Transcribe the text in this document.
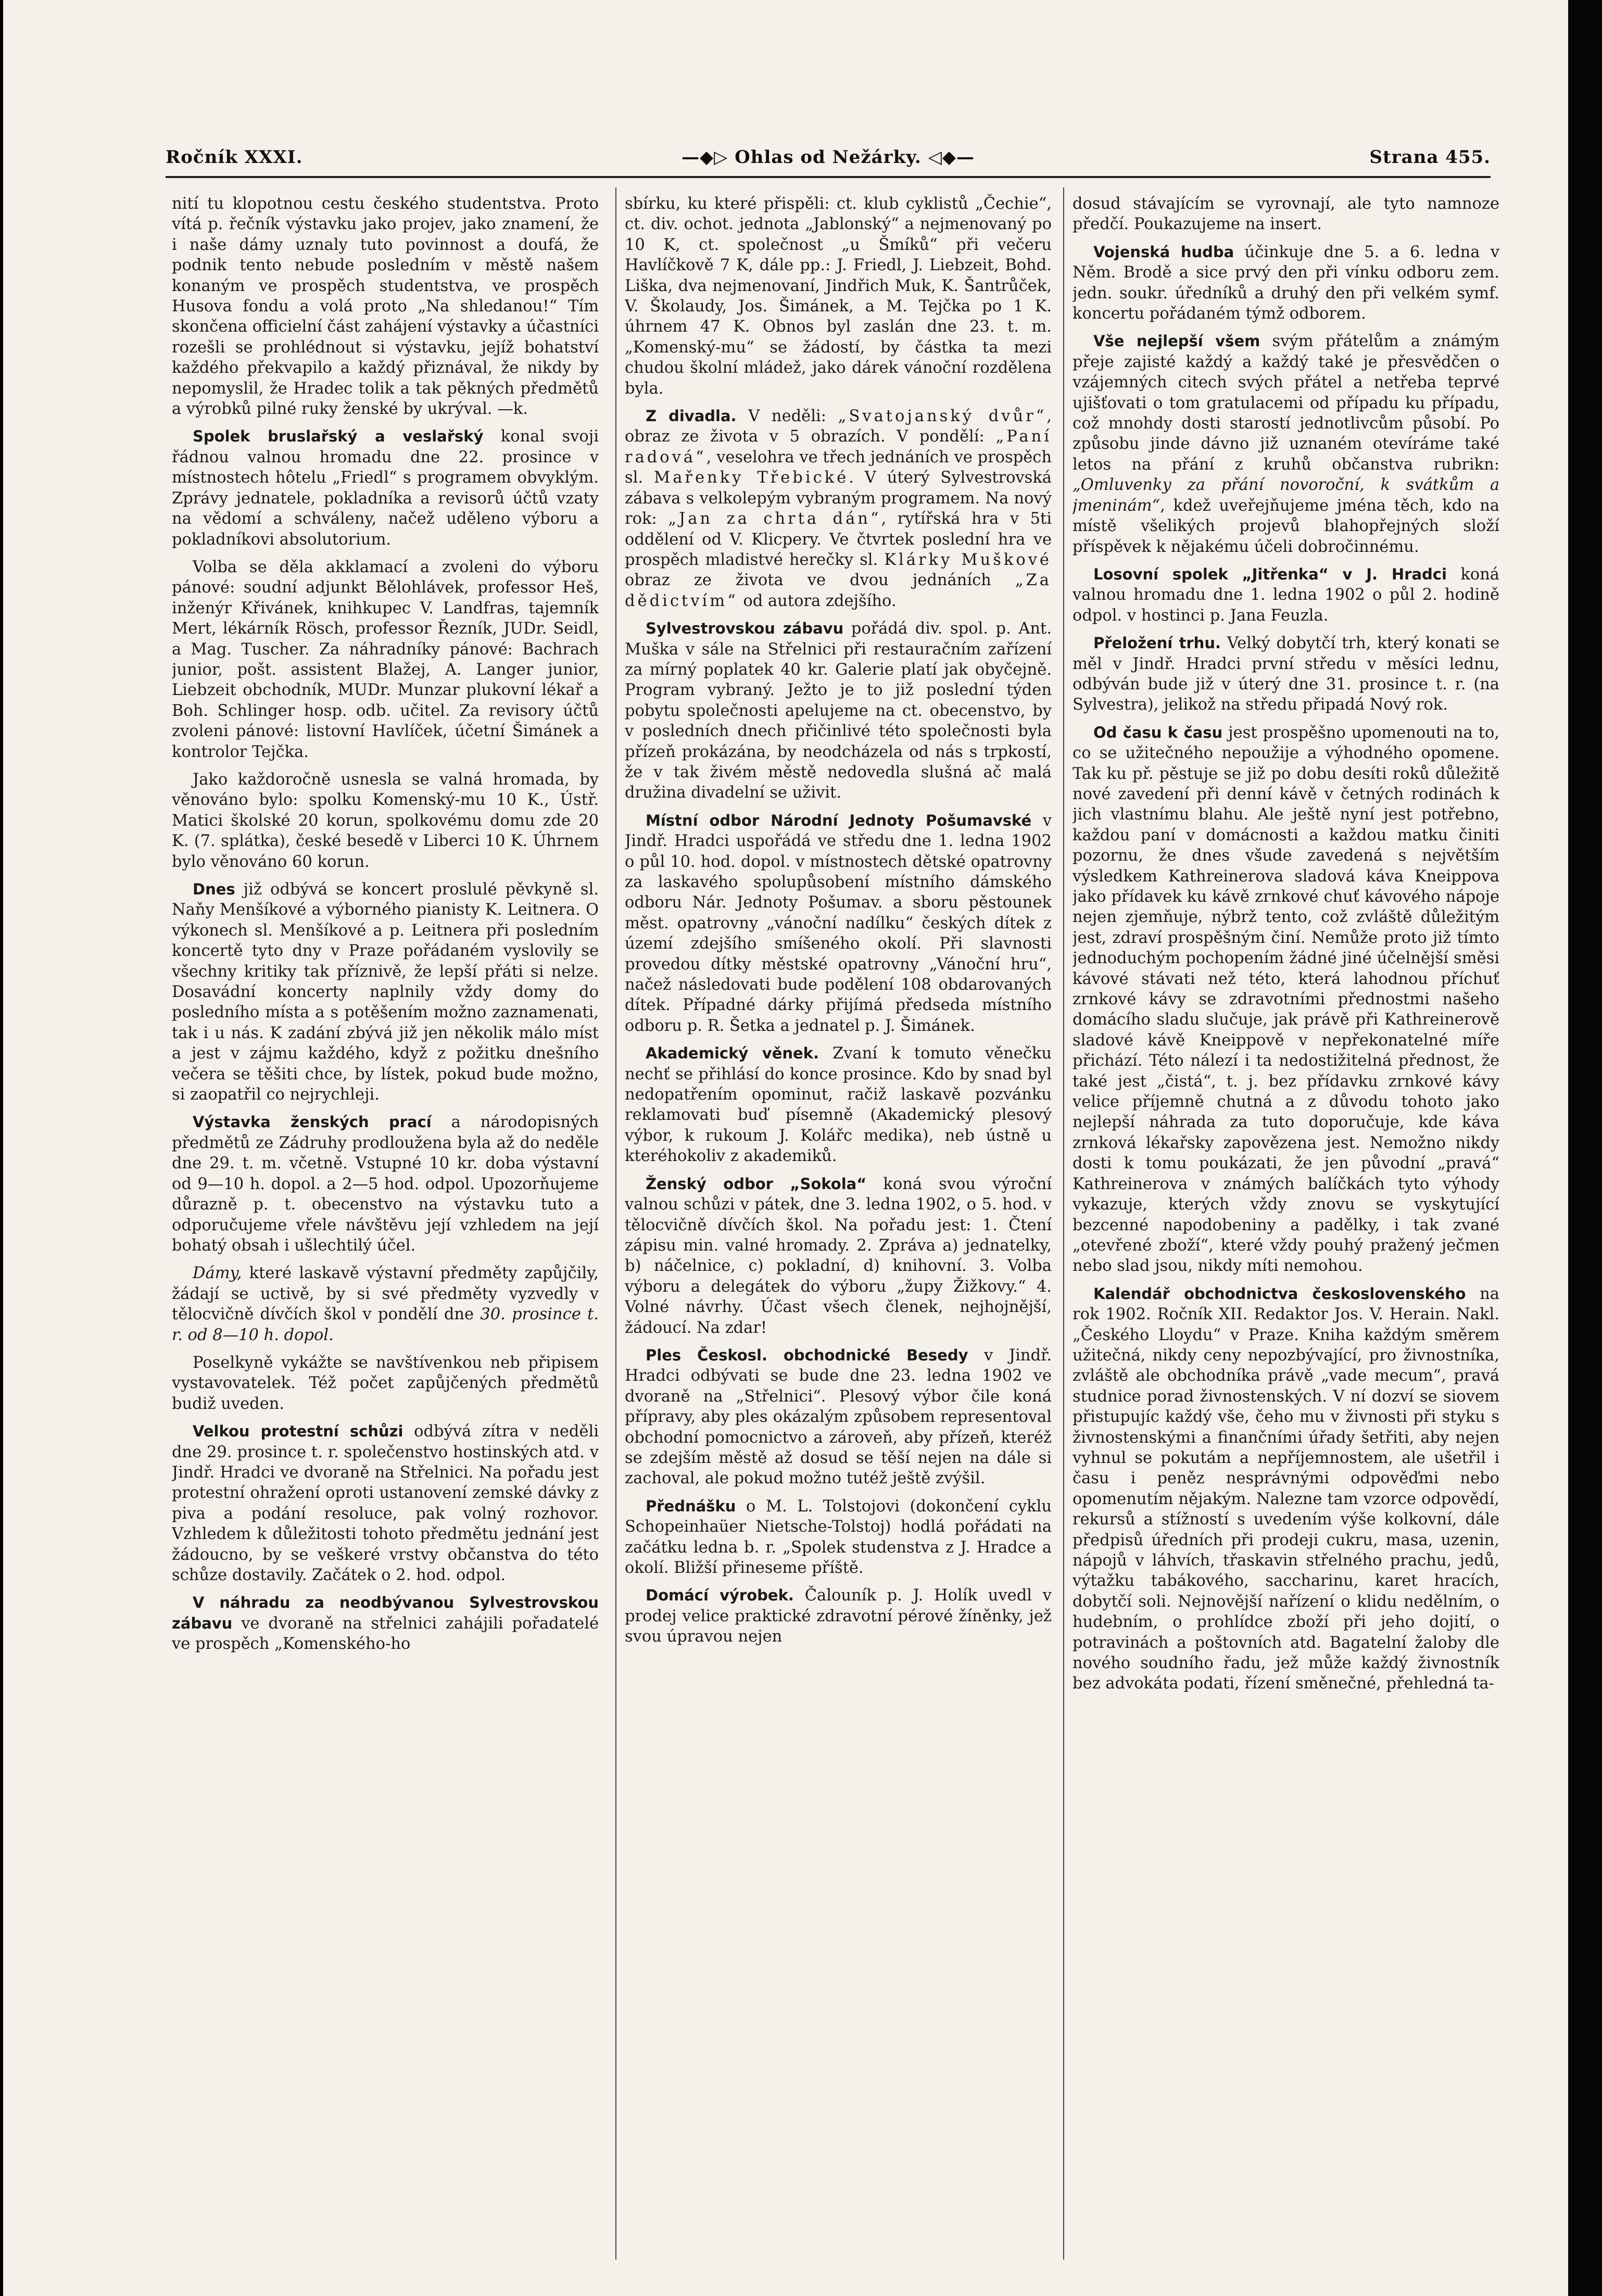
Ročník XXXI.	—◆▷ Ohlas od Nežárky. ◁◆—	Strana 455.

nití tu klopotnou cestu českého studentstva. Proto vítá p. řečník výstavku jako projev, jako znamení, že i naše dámy uznaly tuto povinnost a doufá, že podnik tento nebude posledním v městě našem konaným ve prospěch studentstva, ve prospěch Husova fondu a volá proto „Na shledanou!“ Tím skončena officielní část zahájení výstavky a účastníci rozešli se prohlédnout si výstavku, jejíž bohatství každého překvapilo a každý přiznával, že nikdy by nepomyslil, že Hradec tolik a tak pěkných předmětů a výrobků pilné ruky ženské by ukrýval. —k.

Spolek bruslařský a veslařský konal svoji řádnou valnou hromadu dne 22. prosince v místnostech hôtelu „Friedl“ s programem obvyklým. Zprávy jednatele, pokladníka a revisorů účtů vzaty na vědomí a schváleny, načež uděleno výboru a pokladníkovi absolutorium.

Volba se děla akklamací a zvoleni do výboru pánové: soudní adjunkt Bělohlávek, professor Heš, inženýr Křivánek, knihkupec V. Landfras, tajemník Mert, lékárník Rösch, professor Řezník, JUDr. Seidl, a Mag. Tuscher. Za náhradníky pánové: Bachrach junior, pošt. assistent Blažej, A. Langer junior, Liebzeit obchodník, MUDr. Munzar plukovní lékař a Boh. Schlinger hosp. odb. učitel. Za revisory účtů zvoleni pánové: listovní Havlíček, účetní Šimánek a kontrolor Tejčka.

Jako každoročně usnesla se valná hromada, by věnováno bylo: spolku Komenský-mu 10 K., Ústř. Matici školské 20 korun, spolkovému domu zde 20 K. (7. splátka), české besedě v Liberci 10 K. Úhrnem bylo věnováno 60 korun.

Dnes již odbývá se koncert proslulé pěvkyně sl. Naňy Menšíkové a výborného pianisty K. Leitnera. O výkonech sl. Menšíkové a p. Leitnera při posledním koncertě tyto dny v Praze pořádaném vyslovily se všechny kritiky tak příznivě, že lepší přáti si nelze. Dosavádní koncerty naplnily vždy domy do posledního místa a s potěšením možno zaznamenati, tak i u nás. K zadání zbývá již jen několik málo míst a jest v zájmu každého, když z požitku dnešního večera se těšiti chce, by lístek, pokud bude možno, si zaopatřil co nejrychleji.

Výstavka ženských prací a národopisných předmětů ze Zádruhy prodloužena byla až do neděle dne 29. t. m. včetně. Vstupné 10 kr. doba výstavní od 9—10 h. dopol. a 2—5 hod. odpol. Upozorňujeme důrazně p. t. obecenstvo na výstavku tuto a odporučujeme vřele návštěvu její vzhledem na její bohatý obsah i ušlechtilý účel.

Dámy, které laskavě výstavní předměty zapůjčily, žádají se uctivě, by si své předměty vyzvedly v tělocvičně dívčích škol v pondělí dne 30. prosince t. r. od 8—10 h. dopol.

Poselkyně vykážte se navštívenkou neb připisem vystavovatelek. Též počet zapůjčených předmětů budiž uveden.

Velkou protestní schůzi odbývá zítra v neděli dne 29. prosince t. r. společenstvo hostinských atd. v Jindř. Hradci ve dvoraně na Střelnici. Na pořadu jest protestní ohražení oproti ustanovení zemské dávky z piva a podání resoluce, pak volný rozhovor. Vzhledem k důležitosti tohoto předmětu jednání jest žádoucno, by se veškeré vrstvy občanstva do této schůze dostavily. Začátek o 2. hod. odpol.

V náhradu za neodbývanou Sylvestrovskou zábavu ve dvoraně na střelnici zahájili pořadatelé ve prospěch „Komenského-ho

sbírku, ku které přispěli: ct. klub cyklistů „Čechie“, ct. div. ochot. jednota „Jablonský“ a nejmenovaný po 10 K, ct. společnost „u Šmíků“ při večeru Havlíčkově 7 K, dále pp.: J. Friedl, J. Liebzeit, Bohd. Liška, dva nejmenovaní, Jindřich Muk, K. Šantrůček, V. Školaudy, Jos. Šimánek, a M. Tejčka po 1 K. úhrnem 47 K. Obnos byl zaslán dne 23. t. m. „Komenský-mu“ se žádostí, by částka ta mezi chudou školní mládež, jako dárek vánoční rozdělena byla.

Z divadla. V neděli: „Svatojanský dvůr“, obraz ze života v 5 obrazích. V pondělí: „Paní radová“, veselohra ve třech jednáních ve prospěch sl. Mařenky Třebické. V úterý Sylvestrovská zábava s velkolepým vybraným programem. Na nový rok: „Jan za chrta dán“, rytířská hra v 5ti oddělení od V. Klicpery. Ve čtvrtek poslední hra ve prospěch mladistvé herečky sl. Klárky Muškové obraz ze života ve dvou jednáních „Za dědictvím“ od autora zdejšího.

Sylvestrovskou zábavu pořádá div. spol. p. Ant. Muška v sále na Střelnici při restauračním zařízení za mírný poplatek 40 kr. Galerie platí jak obyčejně. Program vybraný. Ježto je to již poslední týden pobytu společnosti apelujeme na ct. obecenstvo, by v posledních dnech přičinlivé této společnosti byla přízeň prokázána, by neodcházela od nás s trpkostí, že v tak živém městě nedovedla slušná ač malá družina divadelní se uživit.

Místní odbor Národní Jednoty Pošumavské v Jindř. Hradci uspořádá ve středu dne 1. ledna 1902 o půl 10. hod. dopol. v místnostech dětské opatrovny za laskavého spolupůsobení místního dámského odboru Nár. Jednoty Pošumav. a sboru pěstounek měst. opatrovny „vánoční nadílku“ českých dítek z území zdejšího smíšeného okolí. Při slavnosti provedou dítky městské opatrovny „Vánoční hru“, načež následovati bude podělení 108 obdarovaných dítek. Případné dárky přijímá předseda místního odboru p. R. Šetka a jednatel p. J. Šimánek.

Akademický věnek. Zvaní k tomuto věnečku nechť se přihlásí do konce prosince. Kdo by snad byl nedopatřením opominut, račiž laskavě pozvánku reklamovati buď písemně (Akademický plesový výbor, k rukoum J. Kolářc medika), neb ústně u kteréhokoliv z akademiků.

Ženský odbor „Sokola“ koná svou výroční valnou schůzi v pátek, dne 3. ledna 1902, o 5. hod. v tělocvičně dívčích škol. Na pořadu jest: 1. Čtení zápisu min. valné hromady. 2. Zpráva a) jednatelky, b) náčelnice, c) pokladní, d) knihovní. 3. Volba výboru a delegátek do výboru „župy Žižkovy.“ 4. Volné návrhy. Účast všech členek, nejhojnější, žádoucí. Na zdar!

Ples Českosl. obchodnické Besedy v Jindř. Hradci odbývati se bude dne 23. ledna 1902 ve dvoraně na „Střelnici“. Plesový výbor čile koná přípravy, aby ples okázalým způsobem representoval obchodní pomocnictvo a zároveň, aby přízeň, kteréž se zdejším městě až dosud se těší nejen na dále si zachoval, ale pokud možno tutéž ještě zvýšil.

Přednášku o M. L. Tolstojovi (dokončení cyklu Schopeinhaüer Nietsche-Tolstoj) hodlá pořádati na začátku ledna b. r. „Spolek studenstva z J. Hradce a okolí. Bližší přineseme příště.

Domácí výrobek. Čalouník p. J. Holík uvedl v prodej velice praktické zdravotní pérové žíněnky, jež svou úpravou nejen

dosud stávajícím se vyrovnají, ale tyto namnoze předčí. Poukazujeme na insert.

Vojenská hudba účinkuje dne 5. a 6. ledna v Něm. Brodě a sice prvý den při vínku odboru zem. jedn. soukr. úředníků a druhý den při velkém symf. koncertu pořádaném týmž odborem.

Vše nejlepší všem svým přátelům a známým přeje zajisté každý a každý také je přesvědčen o vzájemných citech svých přátel a netřeba teprvé ujišťovati o tom gratulacemi od případu ku případu, což mnohdy dosti starostí jednotlivcům působí. Po způsobu jinde dávno již uznaném otevíráme také letos na přání z kruhů občanstva rubrikn: „Omluvenky za přání novoroční, k svátkům a jmeninám“, kdež uveřejňujeme jména těch, kdo na místě všelikých projevů blahopřejných složí příspěvek k nějakému účeli dobročinnému.

Losovní spolek „Jitřenka“ v J. Hradci koná valnou hromadu dne 1. ledna 1902 o půl 2. hodině odpol. v hostinci p. Jana Feuzla.

Přeložení trhu. Velký dobytčí trh, který konati se měl v Jindř. Hradci první středu v měsíci lednu, odbýván bude již v úterý dne 31. prosince t. r. (na Sylvestra), jelikož na středu připadá Nový rok.

Od času k času jest prospěšno upomenouti na to, co se užitečného nepoužije a výhodného opomene. Tak ku př. pěstuje se již po dobu desíti roků důležitě nové zavedení při denní kávě v četných rodinách k jich vlastnímu blahu. Ale ještě nyní jest potřebno, každou paní v domácnosti a každou matku činiti pozornu, že dnes všude zavedená s největším výsledkem Kathreinerova sladová káva Kneippova jako přídavek ku kávě zrnkové chuť kávového nápoje nejen zjemňuje, nýbrž tento, což zvláště důležitým jest, zdraví prospěšným činí. Nemůže proto již tímto jednoduchým pochopením žádné jiné účelnější směsi kávové stávati než této, která lahodnou příchuť zrnkové kávy se zdravotními přednostmi našeho domácího sladu slučuje, jak právě při Kathreinerově sladové kávě Kneippově v nepřekonatelné míře přichází. Této nálezí i ta nedostižitelná přednost, že také jest „čistá“, t. j. bez přídavku zrnkové kávy velice příjemně chutná a z důvodu tohoto jako nejlepší náhrada za tuto doporučuje, kde káva zrnková lékařsky zapovězena jest. Nemožno nikdy dosti k tomu poukázati, že jen původní „pravá“ Kathreinerova v známých balíčkách tyto výhody vykazuje, kterých vždy znovu se vyskytující bezcenné napodobeniny a padělky, i tak zvané „otevřené zboží“, které vždy pouhý pražený ječmen nebo slad jsou, nikdy míti nemohou.

Kalendář obchodnictva československého na rok 1902. Ročník XII. Redaktor Jos. V. Herain. Nakl. „Českého Lloydu“ v Praze. Kniha každým směrem užitečná, nikdy ceny nepozbývající, pro živnostníka, zvláště ale obchodníka právě „vade mecum“, pravá studnice porad živnostenských. V ní dozví se siovem přistupujíc každý vše, čeho mu v živnosti při styku s živnostenskými a finančními úřady šetřiti, aby nejen vyhnul se pokutám a nepříjemnostem, ale ušetřil i času i peněz nesprávnými odpověďmi nebo opomenutím nějakým. Nalezne tam vzorce odpovědí, rekursů a stížností s uvedením výše kolkovní, dále předpisů úředních při prodeji cukru, masa, uzenin, nápojů v láhvích, třaskavin střelného prachu, jedů, výtažku tabákového, saccharinu, karet hracích, dobytčí soli. Nejnovější nařízení o klidu nedělním, o hudebním, o prohlídce zboží při jeho dojití, o potravinách a poštovních atd. Bagatelní žaloby dle nového soudního řadu, jež může každý živnostník bez advokáta podati, řízení směnečné, přehledná ta-
